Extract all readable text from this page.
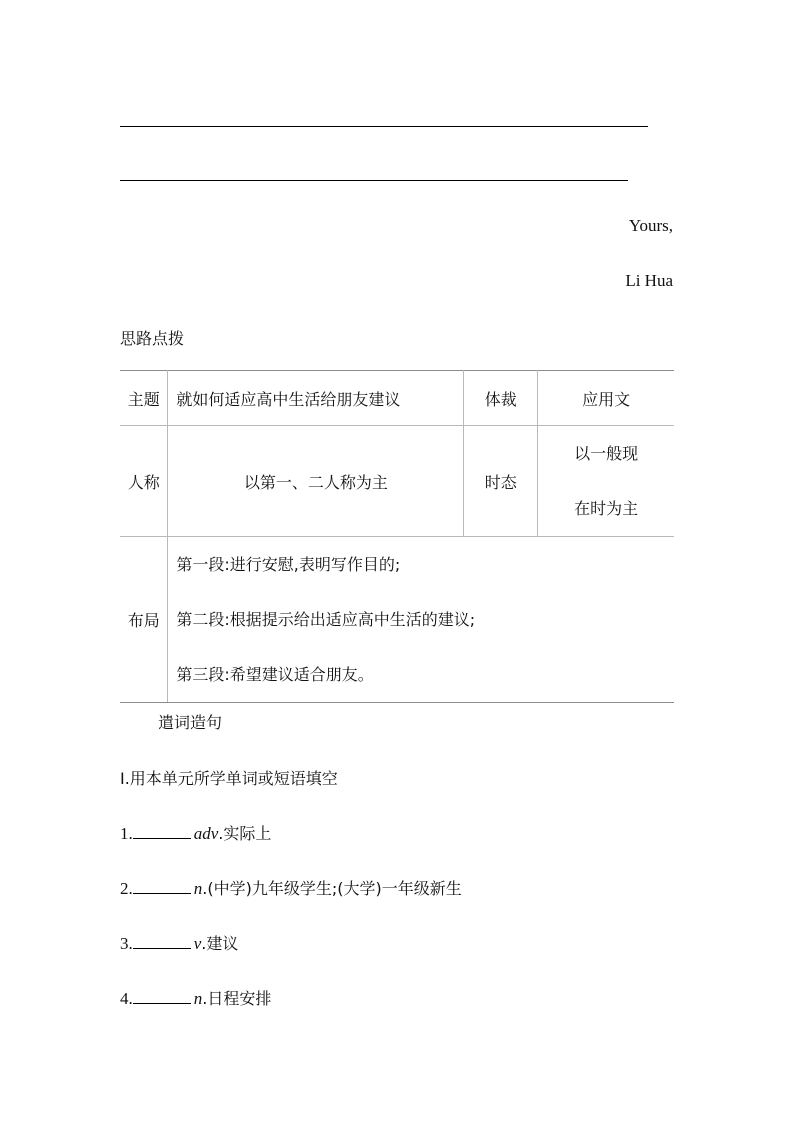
Yours,
Li Hua
思路点拨
主题	就如何适应高中生活给朋友建议	体裁	应用文
人称	以第一、二人称为主	时态	以一般现
在时为主

布局	第一段:进行安慰,表明写作目的;
第二段:根据提示给出适应高中生活的建议;
第三段:希望建议适合朋友。		
遣词造句
Ⅰ.用本单元所学单词或短语填空
1.	adv.实际上
2.	n.(中学)九年级学生;(大学)一年级新生
3.	v.建议
4.	n.日程安排
